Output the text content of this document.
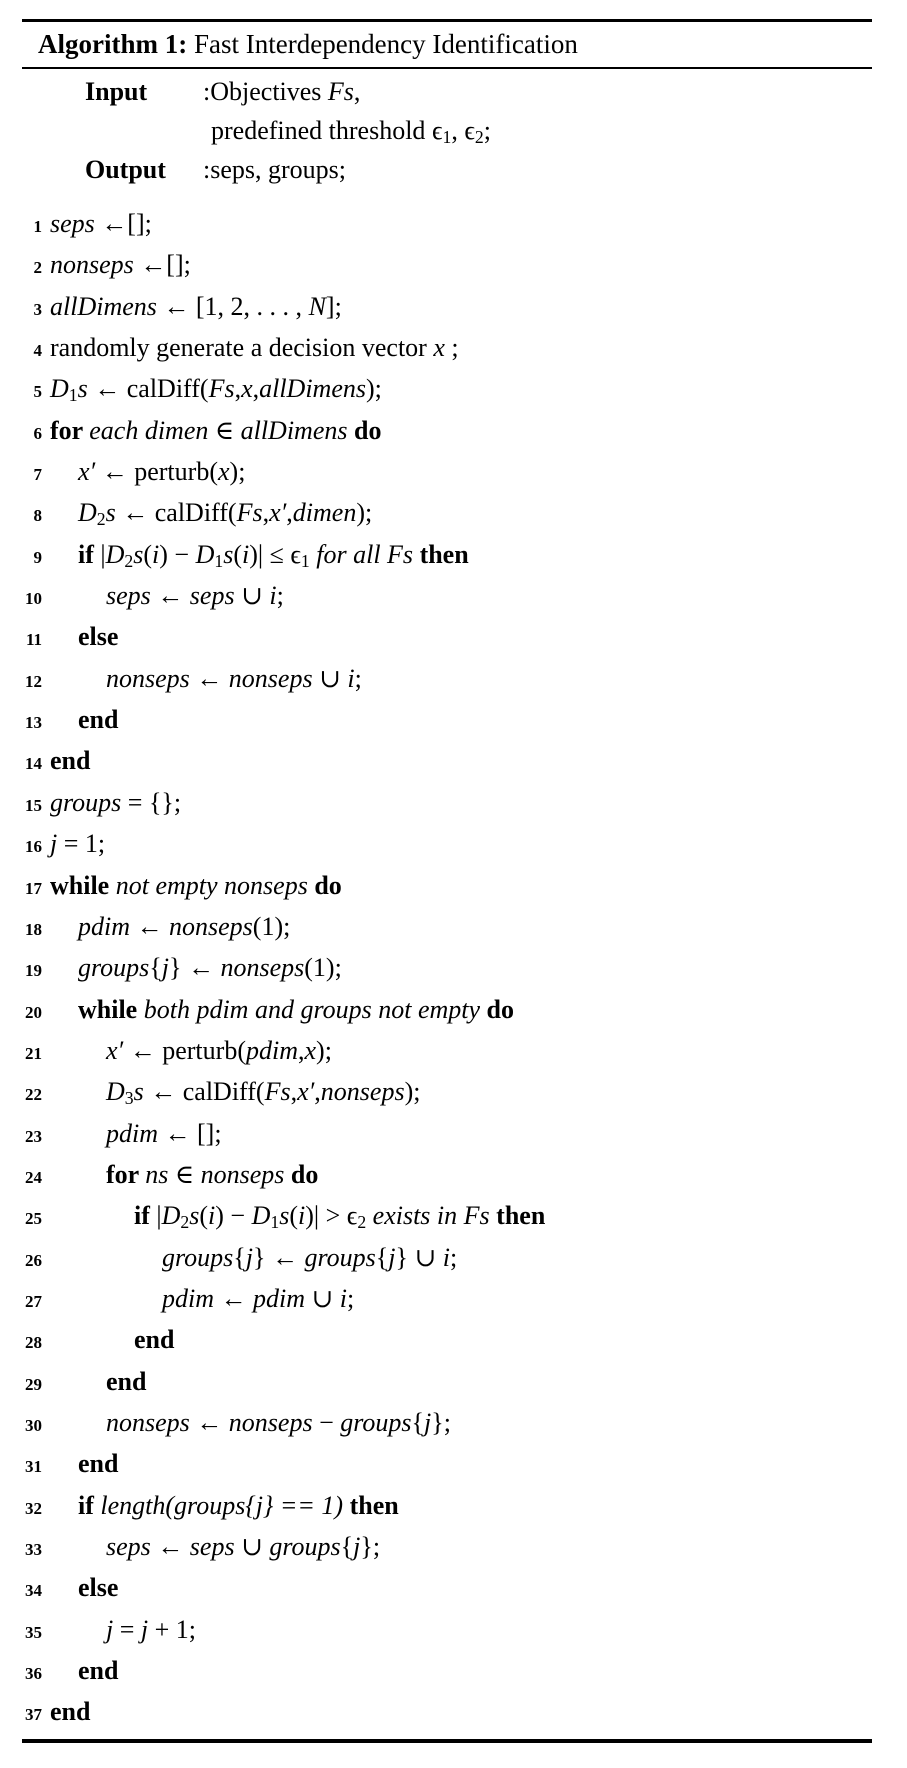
Algorithm 1: Fast Interdependency Identification
Input :Objectives Fs,
predefined threshold ϵ1, ϵ2;
Output :seps, groups;
1 seps ←[];
2 nonseps ←[];
3 allDimens ← [1, 2, . . . , N];
4 randomly generate a decision vector x ;
5 D1s ← calDiff(Fs,x,allDimens);
6 for each dimen ∈ allDimens do
7 x′ ← perturb(x);
8 D2s ← calDiff(Fs,x′,dimen);
9 if |D2s(i) − D1s(i)| ≤ ϵ1 for all Fs then
10 seps ← seps ∪ i;
11 else
12 nonseps ← nonseps ∪ i;
13 end
14 end
15 groups = {};
16 j = 1;
17 while not empty nonseps do
18 pdim ← nonseps(1);
19 groups{j} ← nonseps(1);
20 while both pdim and groups not empty do
21 x′ ← perturb(pdim,x);
22 D3s ← calDiff(Fs,x′,nonseps);
23 pdim ← [];
24 for ns ∈ nonseps do
25	if |D2s(i) − D1s(i)| > ϵ2 exists in Fs then
26	groups{j} ← groups{j} ∪ i;
27	pdim ← pdim ∪ i;
28	end
29 end
30 nonseps ← nonseps − groups{j};
31 end
32 if length(groups{j} == 1) then
33 seps ← seps ∪ groups{j};
34 else
35 j = j + 1;
36 end
37 end
